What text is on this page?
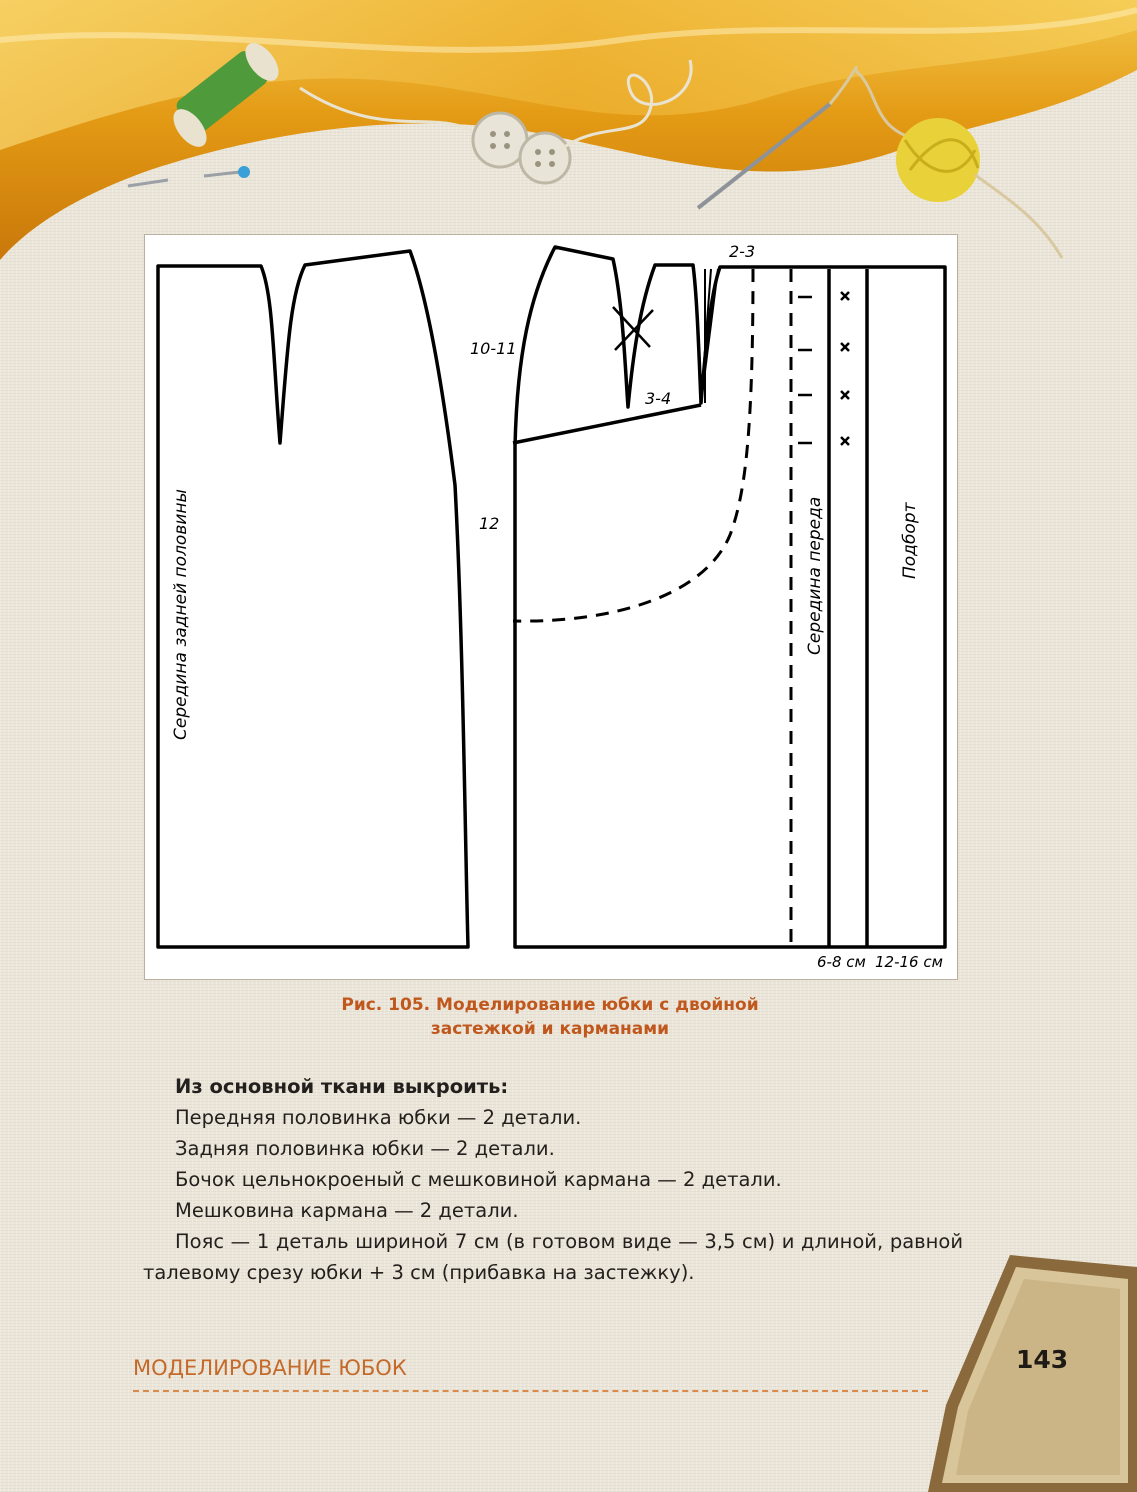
2-3
10-11
3-4
12
6-8 см 12-16 см
Середина задней половины	Середина переда	Подборт
Рис. 105. Моделирование юбки с двойной
застежкой и карманами
Из основной ткани выкроить:
Передняя половинка юбки — 2 детали.
Задняя половинка юбки — 2 детали.
Бочок цельнокроеный с мешковиной кармана — 2 детали.
Мешковина кармана — 2 детали.
Пояс — 1 деталь шириной 7 см (в готовом виде — 3,5 см) и длиной, равной талевому срезу юбки + 3 см (прибавка на застежку).
143
МОДЕЛИРОВАНИЕ ЮБОК
